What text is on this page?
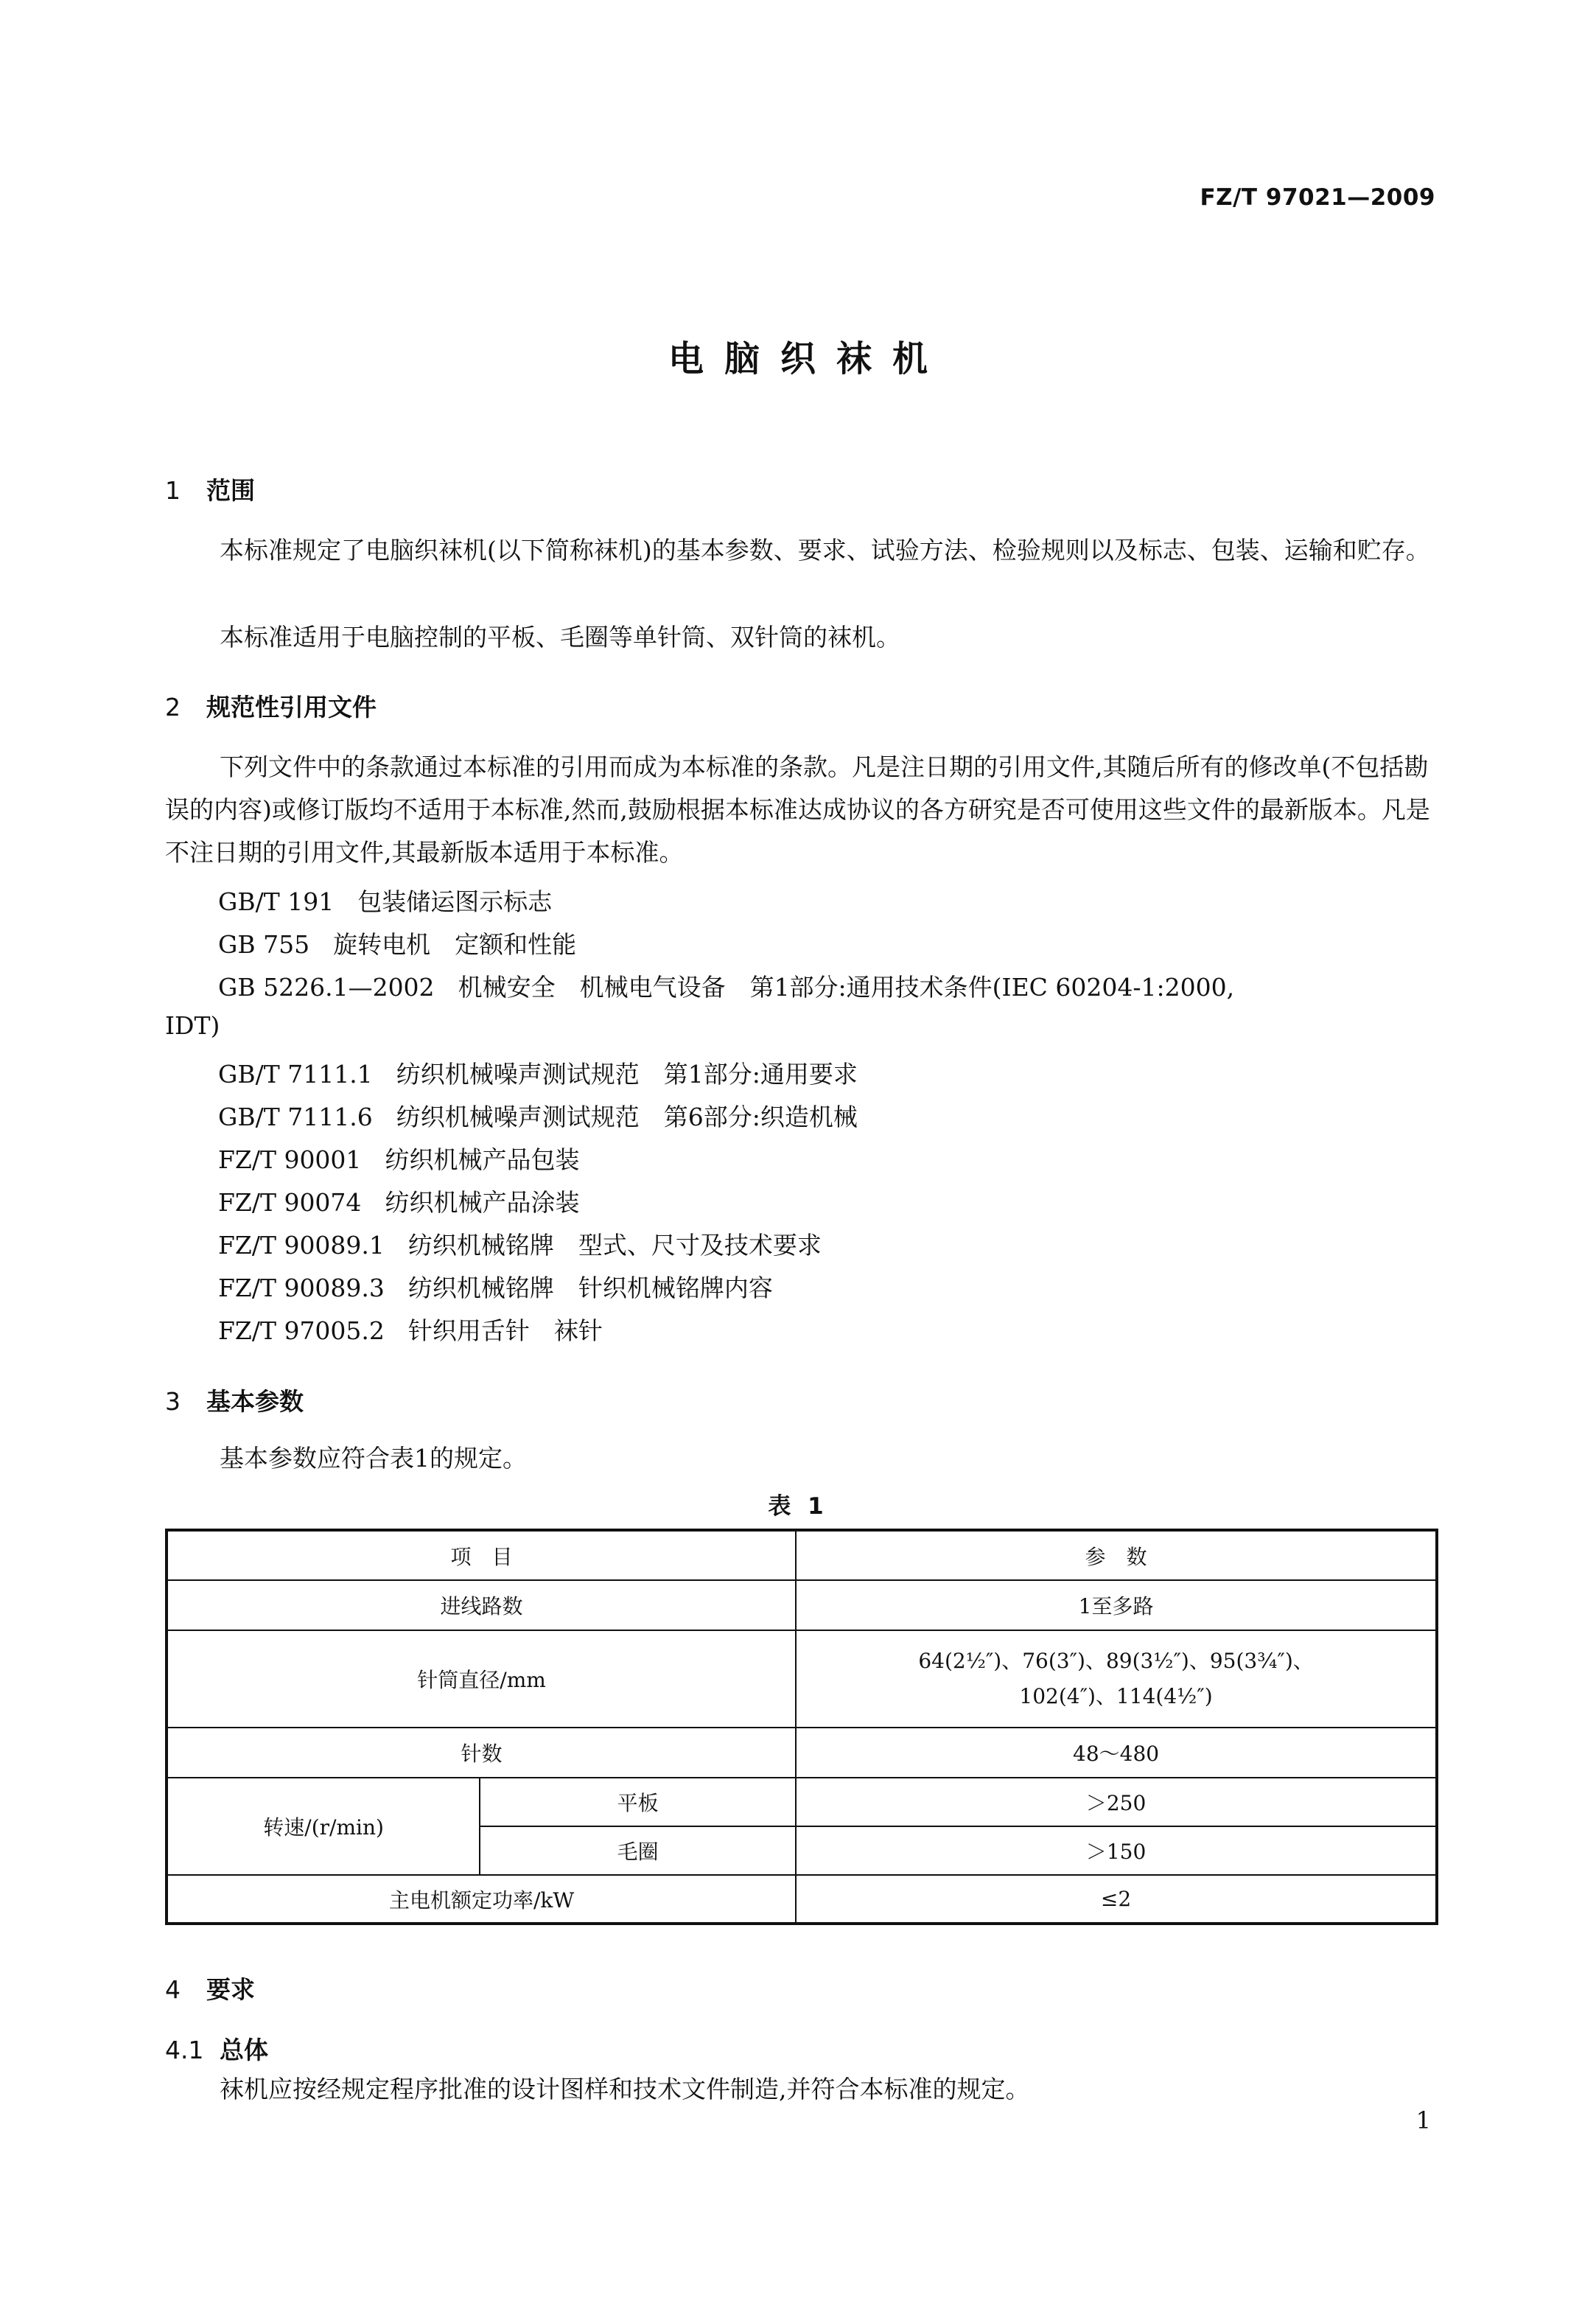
FZ/T 97021—2009
电脑织袜机
1 范围
本标准规定了电脑织袜机(以下简称袜机)的基本参数、要求、试验方法、检验规则以及标志、包装、运输和贮存。
本标准适用于电脑控制的平板、毛圈等单针筒、双针筒的袜机。
2 规范性引用文件
下列文件中的条款通过本标准的引用而成为本标准的条款。凡是注日期的引用文件,其随后所有的修改单(不包括勘误的内容)或修订版均不适用于本标准,然而,鼓励根据本标准达成协议的各方研究是否可使用这些文件的最新版本。凡是不注日期的引用文件,其最新版本适用于本标准。
GB/T 191 包装储运图示标志
GB 755 旋转电机　定额和性能
GB 5226.1—2002 机械安全　机械电气设备　第1部分:通用技术条件(IEC 60204-1:2000,
IDT)
GB/T 7111.1 纺织机械噪声测试规范　第1部分:通用要求
GB/T 7111.6 纺织机械噪声测试规范　第6部分:织造机械
FZ/T 90001 纺织机械产品包装
FZ/T 90074 纺织机械产品涂装
FZ/T 90089.1 纺织机械铭牌　型式、尺寸及技术要求
FZ/T 90089.3 纺织机械铭牌　针织机械铭牌内容
FZ/T 97005.2 针织用舌针　袜针
3 基本参数
基本参数应符合表1的规定。
表 1
项　目		参　数
进线路数		1至多路
针筒直径/mm		64(2½″)、76(3″)、89(3½″)、95(3¾″)、
102(4″)、114(4½″)

针数		48～480
转速/(r/min)	平板	＞250
	毛圈	＞150
主电机额定功率/kW		≤2
4 要求
4.1 总体
袜机应按经规定程序批准的设计图样和技术文件制造,并符合本标准的规定。
1
